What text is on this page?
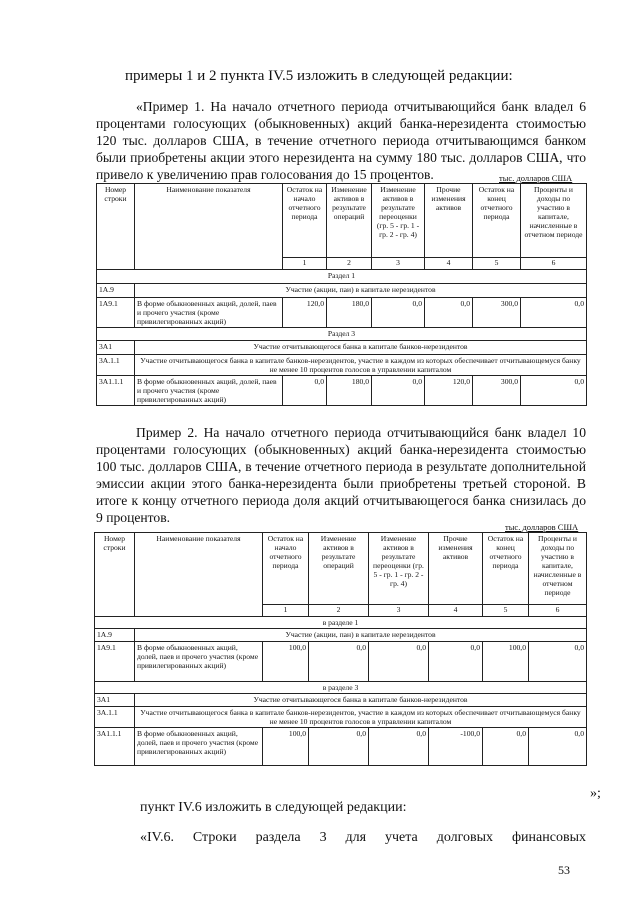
примеры 1 и 2 пункта IV.5 изложить в следующей редакции:

«Пример 1. На начало отчетного периода отчитывающийся банк владел 6 процентами голосующих (обыкновенных) акций банка-нерезидента стоимостью 120 тыс. долларов США, в течение отчетного периода отчитывающимся банком были приобретены акции этого нерезидента на сумму 180 тыс. долларов США, что привело к увеличению прав голосования до 15 процентов.	тыс. долларов США
Номер строки	Наименование показателя	Остаток на начало отчетного периода	Изменение активов в результате операций	Изменение активов в результате переоценки (гр. 5 - гр. 1 - гр. 2 - гр. 4)	Прочие изменения активов	Остаток на конец отчетного периода	Проценты и доходы по участию в капитале, начисленные в отчетном периоде
		1	2	3	4	5	6
Раздел 1							
1А.9	Участие (акции, паи) в капитале нерезидентов						
1А9.1	В форме обыкновенных акций, долей, паев и прочего участия (кроме привилегированных акций)	120,0	180,0	0,0	0,0	300,0	0,0
Раздел 3							
3А1	Участие отчитывающегося банка в капитале банков-нерезидентов						
3А.1.1	Участие отчитывающегося банка в капитале банков-нерезидентов, участие в каждом из которых обеспечивает отчитывающемуся банку не менее 10 процентов голосов в управлении капиталом						
3А1.1.1	В форме обыкновенных акций, долей, паев и прочего участия (кроме привилегированных акций)	0,0	180,0	0,0	120,0	300,0	0,0

Пример 2. На начало отчетного периода отчитывающийся банк владел 10 процентами голосующих (обыкновенных) акций банка-нерезидента стоимостью 100 тыс. долларов США, в течение отчетного периода в результате дополнительной эмиссии акции этого банка-нерезидента были приобретены третьей стороной. В итоге к концу отчетного периода доля акций отчитывающегося банка снизилась до 9 процентов.

тыс. долларов США
Номер строки	Наименование показателя	Остаток на начало отчетного периода	Изменение активов в результате операций	Изменение активов в результате переоценки (гр. 5 - гр. 1 - гр. 2 - гр. 4)	Прочие изменения активов	Остаток на конец отчетного периода	Проценты и доходы по участию в капитале, начисленные в отчетном периоде
		1	2	3	4	5	6
в разделе 1							
1А.9	Участие (акции, пан) в капитале нерезидентов						
1А9.1	В форме обыкновенных акций, долей, паев и прочего участия (кроме привилегированных акций)	100,0	0,0	0,0	0,0	100,0	0,0
в разделе 3							
3А1	Участие отчитывающегося банка в капитале банков-нерезидентов						
3А.1.1	Участие отчитывающегося банка в капитале банков-нерезидентов, участие в каждом из которых обеспечивает отчитывающемуся банку не менее 10 процентов голосов в управлении капиталом						
3А1.1.1	В форме обыкновенных акций, долей, паев и прочего участия (кроме привилегированных акций)	100,0	0,0	0,0	-100,0	0,0	0,0
»;
пункт IV.6 изложить в следующей редакции:
«IV.6. Строки раздела 3 для учета долговых финансовых
53
